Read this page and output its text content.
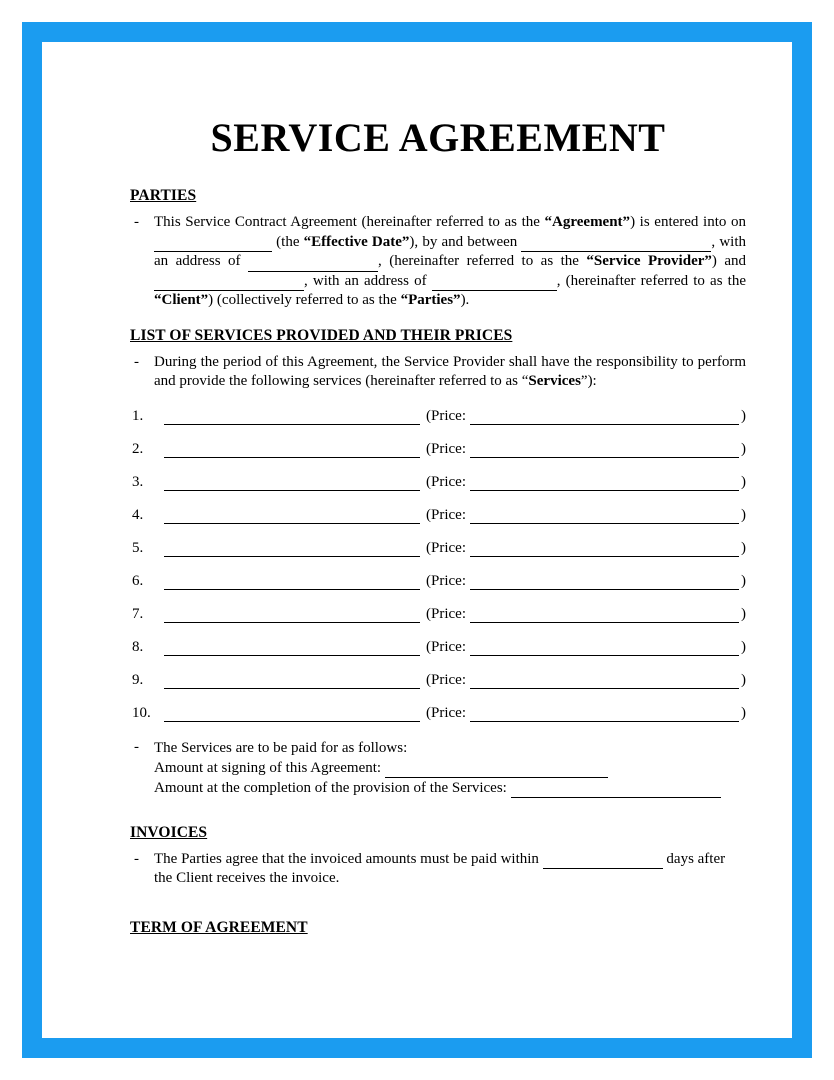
SERVICE AGREEMENT
PARTIES
-	This Service Contract Agreement (hereinafter referred to as the “Agreement”) is entered into on  (the “Effective Date”), by and between	, with an address of	, (hereinafter referred to as the “Service Provider”) and , with an address of	, (hereinafter referred to as the “Client”) (collectively referred to as the “Parties”).
LIST OF SERVICES PROVIDED AND THEIR PRICES
-	During the period of this Agreement, the Service Provider shall have the responsibility to perform and provide the following services (hereinafter referred to as “Services”):
1.	(Price:	)
2.	(Price:	)
3.	(Price:	)
4.	(Price:	)
5.	(Price:	)
6.	(Price:	)
7.	(Price:	)
8.	(Price:	)
9.	(Price:	)
10.	(Price:	)
-	The Services are to be paid for as follows:
Amount at signing of this Agreement:
Amount at the completion of the provision of the Services:
INVOICES
-	The Parties agree that the invoiced amounts must be paid within	days after the Client receives the invoice.
TERM OF AGREEMENT
